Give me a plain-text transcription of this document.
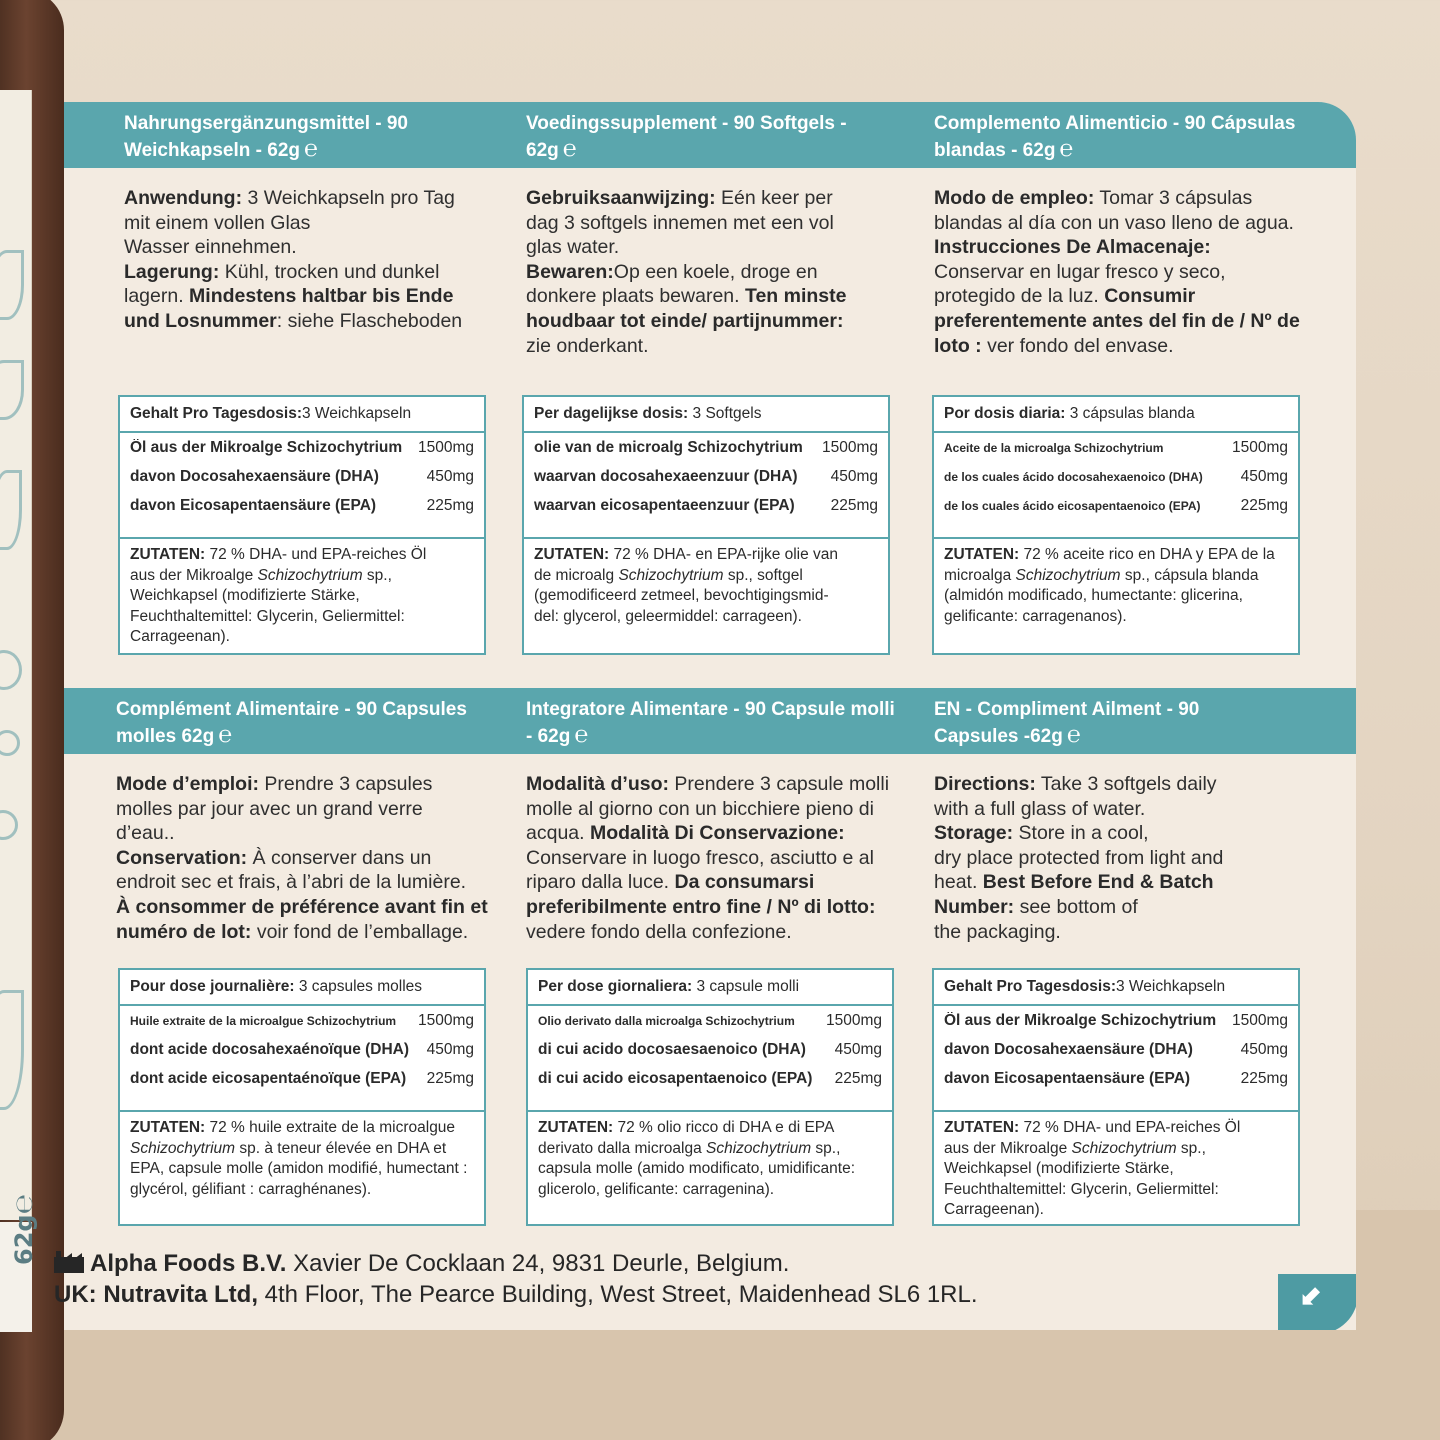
62g℮
Nahrungsergänzungsmittel - 90
Weichkapseln - 62g ℮
Anwendung: 3 Weichkapseln pro Tag
mit einem vollen Glas
Wasser einnehmen.
Lagerung: Kühl, trocken und dunkel
lagern. Mindestens haltbar bis Ende
und Losnummer: siehe Flascheboden
Gehalt Pro Tagesdosis:3 Weichkapseln
Öl aus der Mikroalge Schizochytrium	1500mg
davon Docosahexaensäure (DHA)	450mg
davon Eicosapentaensäure (EPA)	225mg
ZUTATEN: 72 % DHA- und EPA-reiches Öl
aus der Mikroalge Schizochytrium sp.,
Weichkapsel (modifizierte Stärke,
Feuchthaltemittel: Glycerin, Geliermittel:
Carrageenan).
Voedingssupplement - 90 Softgels -
62g ℮
Gebruiksaanwijzing: Eén keer per
dag 3 softgels innemen met een vol
glas water.
Bewaren:Op een koele, droge en
donkere plaats bewaren. Ten minste
houdbaar tot einde/ partijnummer:
zie onderkant.
Per dagelijkse dosis: 3 Softgels
olie van de microalg Schizochytrium	1500mg
waarvan docosahexaeenzuur (DHA)	450mg
waarvan eicosapentaeenzuur (EPA)	225mg
ZUTATEN: 72 % DHA- en EPA-rijke olie van
de microalg Schizochytrium sp., softgel
(gemodificeerd zetmeel, bevochtigingsmid-
del: glycerol, geleermiddel: carrageen).
Complemento Alimenticio - 90 Cápsulas
blandas - 62g ℮
Modo de empleo: Tomar 3 cápsulas
blandas al día con un vaso lleno de agua.
Instrucciones De Almacenaje:
Conservar en lugar fresco y seco,
protegido de la luz. Consumir
preferentemente antes del fin de / Nº de
loto : ver fondo del envase.
Por dosis diaria: 3 cápsulas blanda
Aceite de la microalga Schizochytrium	1500mg
de los cuales ácido docosahexaenoico (DHA)	450mg
de los cuales ácido eicosapentaenoico (EPA)	225mg
ZUTATEN: 72 % aceite rico en DHA y EPA de la
microalga Schizochytrium sp., cápsula blanda
(almidón modificado, humectante: glicerina,
gelificante: carragenanos).
Complément Alimentaire - 90 Capsules
molles 62g ℮
Mode d’emploi: Prendre 3 capsules
molles par jour avec un grand verre
d’eau..
Conservation: À conserver dans un
endroit sec et frais, à l’abri de la lumière.
À consommer de préférence avant fin et
numéro de lot: voir fond de l’emballage.
Pour dose journalière: 3 capsules molles
Huile extraite de la microalgue Schizochytrium	1500mg
dont acide docosahexaénoïque (DHA)	450mg
dont acide eicosapentaénoïque (EPA)	225mg
ZUTATEN: 72 % huile extraite de la microalgue
Schizochytrium sp. à teneur élevée en DHA et
EPA, capsule molle (amidon modifié, humectant :
glycérol, gélifiant : carraghénanes).
Integratore Alimentare - 90 Capsule molli
- 62g ℮
Modalità d’uso: Prendere 3 capsule molli
molle al giorno con un bicchiere pieno di
acqua. Modalità Di Conservazione:
Conservare in luogo fresco, asciutto e al
riparo dalla luce. Da consumarsi
preferibilmente entro fine / Nº di lotto:
vedere fondo della confezione.
Per dose giornaliera: 3 capsule molli
Olio derivato dalla microalga Schizochytrium	1500mg
di cui acido docosaesaenoico (DHA)	450mg
di cui acido eicosapentaenoico (EPA)	225mg
ZUTATEN: 72 % olio ricco di DHA e di EPA
derivato dalla microalga Schizochytrium sp.,
capsula molle (amido modificato, umidificante:
glicerolo, gelificante: carragenina).
EN - Compliment Ailment - 90
Capsules -62g ℮
Directions: Take 3 softgels daily
with a full glass of water.
Storage: Store in a cool,
dry place protected from light and
heat. Best Before End & Batch
Number: see bottom of
the packaging.
Gehalt Pro Tagesdosis:3 Weichkapseln
Öl aus der Mikroalge Schizochytrium	1500mg
davon Docosahexaensäure (DHA)	450mg
davon Eicosapentaensäure (EPA)	225mg
ZUTATEN: 72 % DHA- und EPA-reiches Öl
aus der Mikroalge Schizochytrium sp.,
Weichkapsel (modifizierte Stärke,
Feuchthaltemittel: Glycerin, Geliermittel:
Carrageenan).
⬋
Alpha Foods B.V. Xavier De Cocklaan 24, 9831 Deurle, Belgium.
UK: Nutravita Ltd, 4th Floor, The Pearce Building, West Street, Maidenhead SL6 1RL.
